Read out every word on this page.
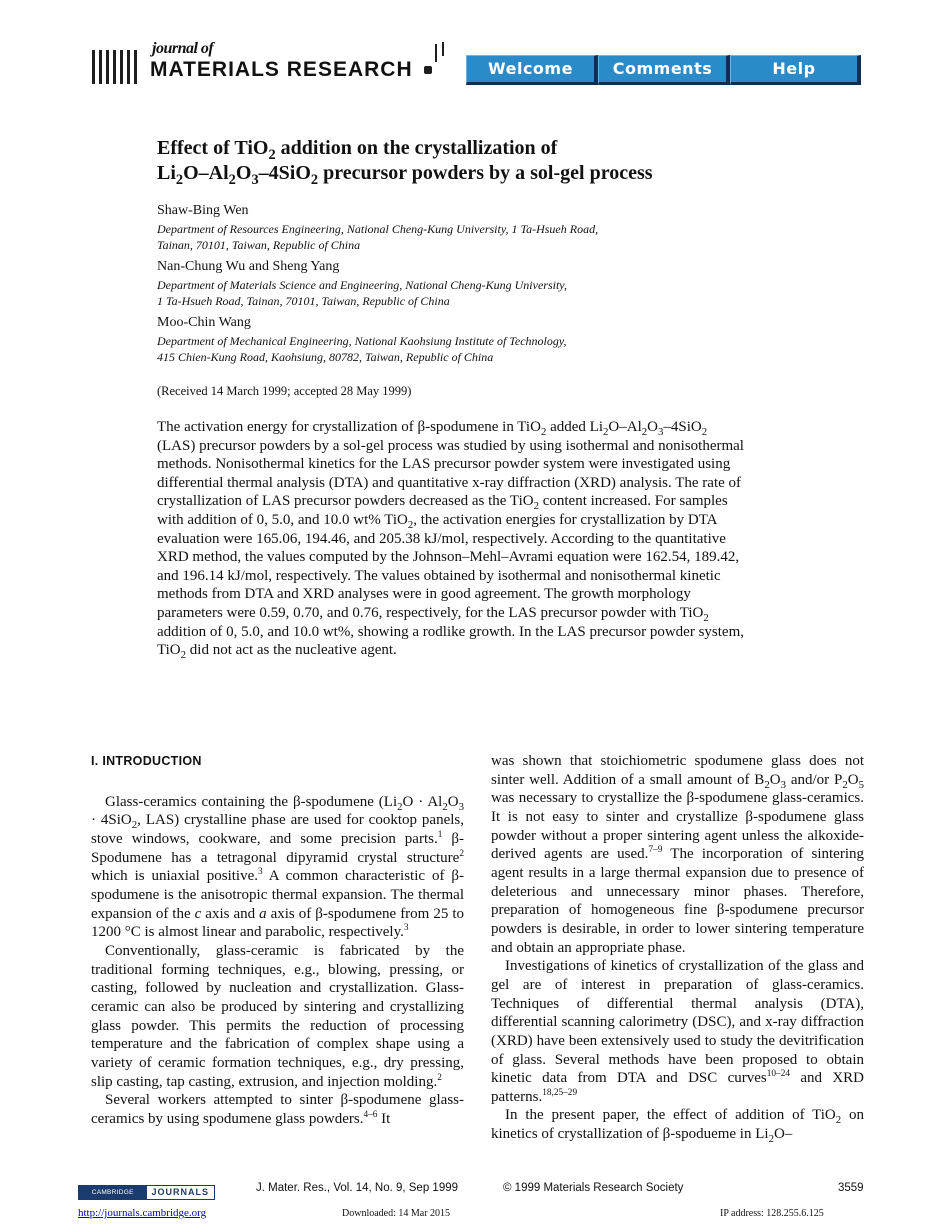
journal of
MATERIALS RESEARCH	Welcome	Comments	Help
Effect of TiO$_2$ addition on the crystallization of
$Li_2O-Al_2O_3-4SiO_2$ precursor powders by a sol-gel process
Shaw-Bing Wen
Department of Resources Engineering, National Cheng-Kung University, 1 Ta-Hsueh Road,
Tainan, 70101, Taiwan, Republic of China
Nan-Chung Wu and Sheng Yang
Department of Materials Science and Engineering, National Cheng-Kung University,
1 Ta-Hsueh Road, Tainan, 70101, Taiwan, Republic of China
Moo-Chin Wang
Department of Mechanical Engineering, National Kaohsiung Institute of Technology,
415 Chien-Kung Road, Kaohsiung, 80782, Taiwan, Republic of China
(Received 14 March 1999; accepted 28 May 1999)
The activation energy for crystallization of β-spodumene in TiO$_2$ added $Li_2O-Al_2O_3-4SiO_2$ (LAS) precursor powders by a sol-gel process was studied by using isothermal and nonisothermal methods. Nonisothermal kinetics for the LAS precursor powder system were investigated using differential thermal analysis (DTA) and quantitative x-ray diffraction (XRD) analysis. The rate of crystallization of LAS precursor powders decreased as the TiO$_2$ content increased. For samples with addition of 0, 5.0, and 10.0 wt% TiO$_2$, the activation energies for crystallization by DTA evaluation were 165.06, 194.46, and 205.38 kJ/mol, respectively. According to the quantitative XRD method, the values computed by the Johnson–Mehl–Avrami equation were 162.54, 189.42, and 196.14 kJ/mol, respectively. The values obtained by isothermal and nonisothermal kinetic methods from DTA and XRD analyses were in good agreement. The growth morphology parameters were 0.59, 0.70, and 0.76, respectively, for the LAS precursor powder with TiO$_2$ addition of 0, 5.0, and 10.0 wt%, showing a rodlike growth. In the LAS precursor powder system, TiO$_2$ did not act as the nucleative agent.
I. INTRODUCTION

Glass-ceramics containing the β-spodumene ($Li_2O \cdot Al_2O_3 \cdot 4SiO_2$, LAS) crystalline phase are used for cooktop panels, stove windows, cookware, and some precision parts.$^1$ β-Spodumene has a tetragonal dipyramid crystal structure$^2$ which is uniaxial positive.$^3$ A common characteristic of β-spodumene is the anisotropic thermal expansion. The thermal expansion of the c axis and a axis of β-spodumene from 25 to 1200 °C is almost linear and parabolic, respectively.$^3$

Conventionally, glass-ceramic is fabricated by the traditional forming techniques, e.g., blowing, pressing, or casting, followed by nucleation and crystallization. Glass-ceramic can also be produced by sintering and crystallizing glass powder. This permits the reduction of processing temperature and the fabrication of complex shape using a variety of ceramic formation techniques, e.g., dry pressing, slip casting, tap casting, extrusion, and injection molding.$^2$

Several workers attempted to sinter β-spodumene glass-ceramics by using spodumene glass powders.$^{4-6}$ It

was shown that stoichiometric spodumene glass does not sinter well. Addition of a small amount of $B_2O_3$ and/or $P_2O_5$ was necessary to crystallize the β-spodumene glass-ceramics. It is not easy to sinter and crystallize β-spodumene glass powder without a proper sintering agent unless the alkoxide-derived agents are used.$^{7-9}$ The incorporation of sintering agent results in a large thermal expansion due to presence of deleterious and unnecessary minor phases. Therefore, preparation of homogeneous fine β-spodumene precursor powders is desirable, in order to lower sintering temperature and obtain an appropriate phase.

Investigations of kinetics of crystallization of the glass and gel are of interest in preparation of glass-ceramics. Techniques of differential thermal analysis (DTA), differential scanning calorimetry (DSC), and x-ray diffraction (XRD) have been extensively used to study the devitrification of glass. Several methods have been proposed to obtain kinetic data from DTA and DSC curves$^{10-24}$ and XRD patterns.$^{18,25-29}$

In the present paper, the effect of addition of TiO$_2$ on kinetics of crystallization of β-spodueme in $Li_2O-$

CAMBRIDGE	JOURNALS	J. Mater. Res., Vol. 14, No. 9, Sep 1999	© 1999 Materials Research Society	3559
http://journals.cambridge.org	Downloaded: 14 Mar 2015	IP address: 128.255.6.125
